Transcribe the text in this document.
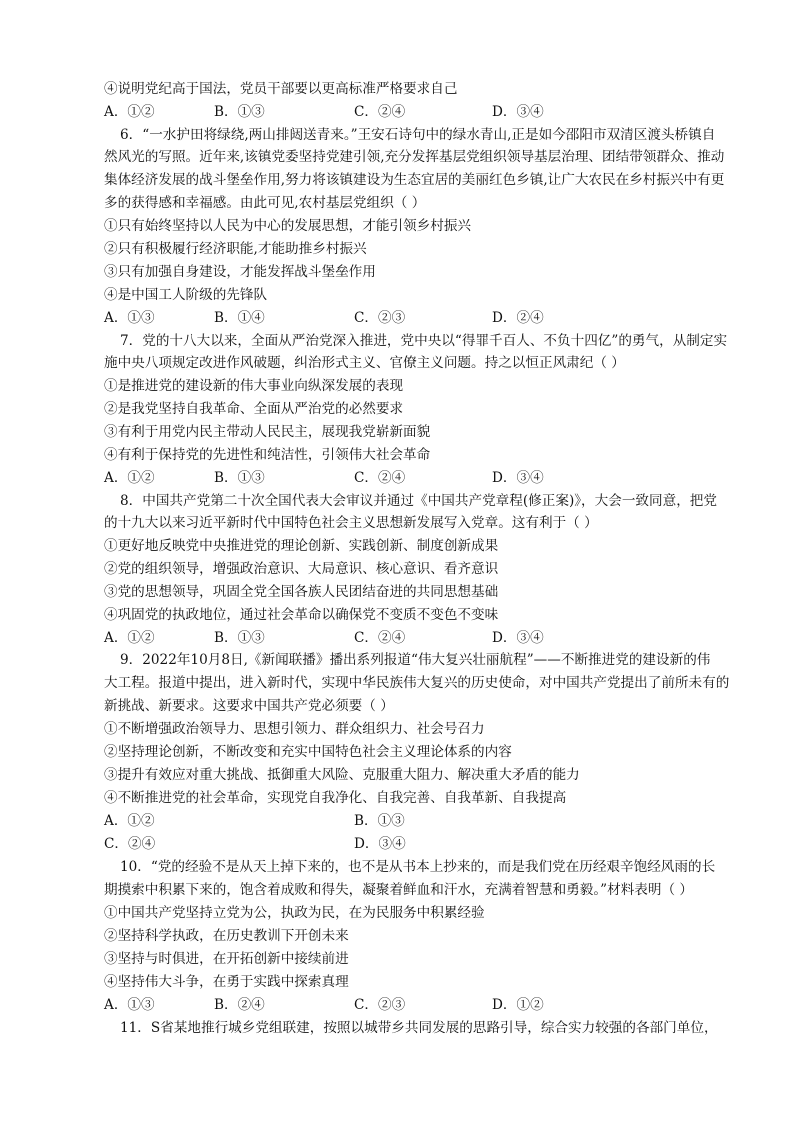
④说明党纪高于国法，党员干部要以更高标准严格要求自己
A．①②	B．①③	C．②④	D．③④
6．“一水护田将绿绕,两山排闼送青来。”王安石诗句中的绿水青山,正是如今邵阳市双清区渡头桥镇自
然风光的写照。近年来,该镇党委坚持党建引领,充分发挥基层党组织领导基层治理、团结带领群众、推动
集体经济发展的战斗堡垒作用,努力将该镇建设为生态宜居的美丽红色乡镇,让广大农民在乡村振兴中有更
多的获得感和幸福感。由此可见,农村基层党组织（ ）
①只有始终坚持以人民为中心的发展思想，才能引领乡村振兴
②只有积极履行经济职能,才能助推乡村振兴
③只有加强自身建设，才能发挥战斗堡垒作用
④是中国工人阶级的先锋队
A．①③	B．①④	C．②③	D．②④
7．党的十八大以来，全面从严治党深入推进，党中央以“得罪千百人、不负十四亿”的勇气，从制定实
施中央八项规定改进作风破题，纠治形式主义、官僚主义问题。持之以恒正风肃纪（ ）
①是推进党的建设新的伟大事业向纵深发展的表现
②是我党坚持自我革命、全面从严治党的必然要求
③有利于用党内民主带动人民民主，展现我党崭新面貌
④有利于保持党的先进性和纯洁性，引领伟大社会革命
A．①②	B．①③	C．②④	D．③④
8．中国共产党第二十次全国代表大会审议并通过《中国共产党章程(修正案)》，大会一致同意，把党
的十九大以来习近平新时代中国特色社会主义思想新发展写入党章。这有利于（ ）
①更好地反映党中央推进党的理论创新、实践创新、制度创新成果
②党的组织领导，增强政治意识、大局意识、核心意识、看齐意识
③党的思想领导，巩固全党全国各族人民团结奋进的共同思想基础
④巩固党的执政地位，通过社会革命以确保党不变质不变色不变味
A．①②	B．①③	C．②④	D．③④
9．2022年10月8日,《新闻联播》播出系列报道“伟大复兴壮丽航程”——不断推进党的建设新的伟
大工程。报道中提出，进入新时代，实现中华民族伟大复兴的历史使命，对中国共产党提出了前所未有的
新挑战、新要求。这要求中国共产党必须要（ ）
①不断增强政治领导力、思想引领力、群众组织力、社会号召力
②坚持理论创新，不断改变和充实中国特色社会主义理论体系的内容
③提升有效应对重大挑战、抵御重大风险、克服重大阻力、解决重大矛盾的能力
④不断推进党的社会革命，实现党自我净化、自我完善、自我革新、自我提高
A．①②	B．①③
C．②④	D．③④
10．“党的经验不是从天上掉下来的，也不是从书本上抄来的，而是我们党在历经艰辛饱经风雨的长
期摸索中积累下来的，饱含着成败和得失，凝聚着鲜血和汗水，充满着智慧和勇毅。”材料表明（ ）
①中国共产党坚持立党为公，执政为民，在为民服务中积累经验
②坚持科学执政，在历史教训下开创未来
③坚持与时俱进，在开拓创新中接续前进
④坚持伟大斗争，在勇于实践中探索真理
A．①③	B．②④	C．②③	D．①②
11．S省某地推行城乡党组联建，按照以城带乡共同发展的思路引导，综合实力较强的各部门单位，
